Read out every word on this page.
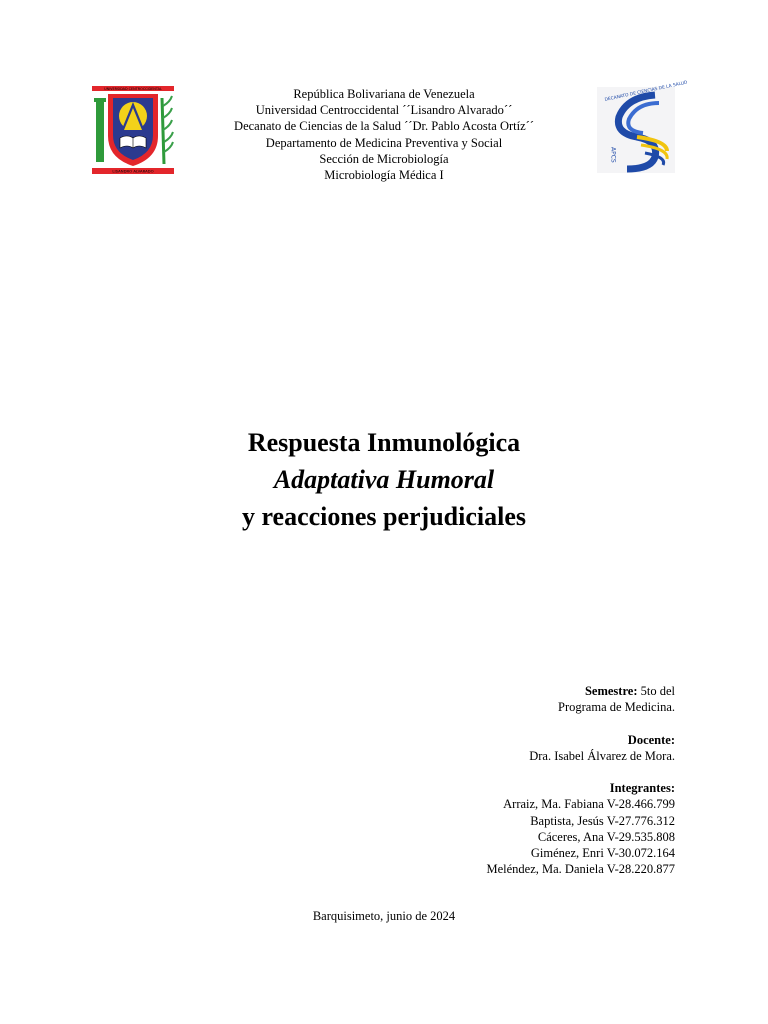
UNIVERSIDAD CENTROCCIDENTAL
LISANDRO ALVARADO
DECANATO DE CIENCIAS DE LA SALUD
APCS
República Bolivariana de Venezuela
Universidad Centroccidental ´´Lisandro Alvarado´´
Decanato de Ciencias de la Salud ´´Dr. Pablo Acosta Ortíz´´
Departamento de Medicina Preventiva y Social
Sección de Microbiología
Microbiología Médica I
Respuesta Inmunológica
Adaptativa Humoral
y reacciones perjudiciales
Semestre: 5to del
Programa de Medicina.
Docente:
Dra. Isabel Álvarez de Mora.
Integrantes:
Arraiz, Ma. Fabiana V-28.466.799
Baptista, Jesús V-27.776.312
Cáceres, Ana V-29.535.808
Giménez, Enri V-30.072.164
Meléndez, Ma. Daniela V-28.220.877
Barquisimeto, junio de 2024
